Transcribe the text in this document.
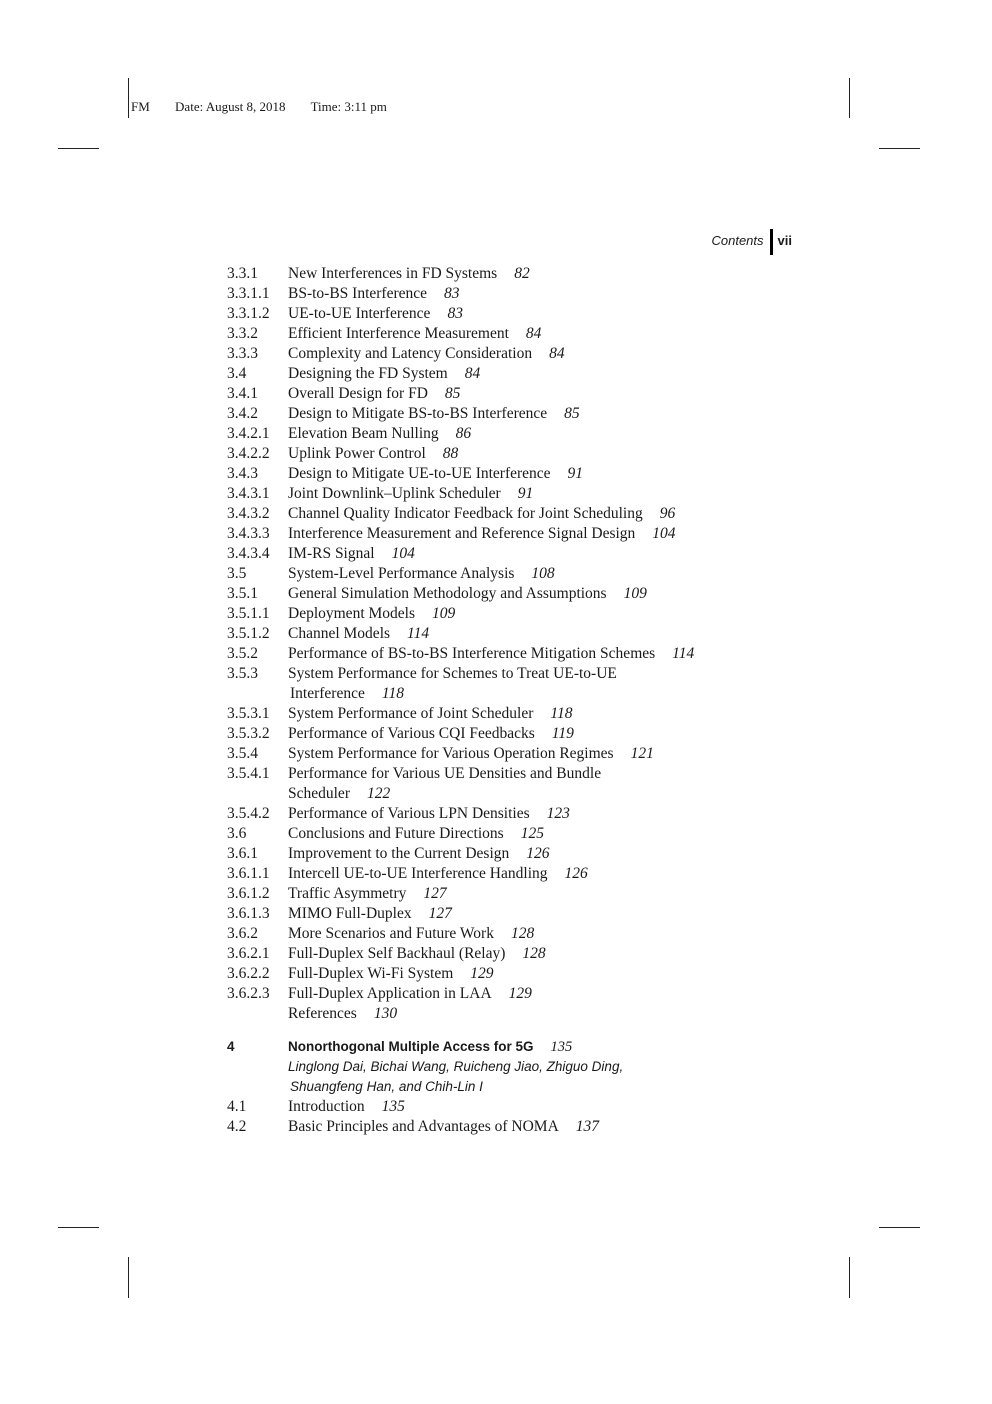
FM Date: August 8, 2018 Time: 3:11 pm
Contents vii
3.3.1	New Interferences in FD Systems 82
3.3.1.1	BS-to-BS Interference 83
3.3.1.2	UE-to-UE Interference 83
3.3.2	Efficient Interference Measurement 84
3.3.3	Complexity and Latency Consideration 84
3.4	Designing the FD System 84
3.4.1	Overall Design for FD 85
3.4.2	Design to Mitigate BS-to-BS Interference 85
3.4.2.1	Elevation Beam Nulling 86
3.4.2.2	Uplink Power Control 88
3.4.3	Design to Mitigate UE-to-UE Interference 91
3.4.3.1	Joint Downlink–Uplink Scheduler 91
3.4.3.2	Channel Quality Indicator Feedback for Joint Scheduling 96
3.4.3.3	Interference Measurement and Reference Signal Design 104
3.4.3.4	IM-RS Signal 104
3.5	System-Level Performance Analysis 108
3.5.1	General Simulation Methodology and Assumptions 109
3.5.1.1	Deployment Models 109
3.5.1.2	Channel Models 114
3.5.2	Performance of BS-to-BS Interference Mitigation Schemes 114
3.5.3	System Performance for Schemes to Treat UE-to-UE
Interference 118
3.5.3.1	System Performance of Joint Scheduler 118
3.5.3.2	Performance of Various CQI Feedbacks 119
3.5.4	System Performance for Various Operation Regimes 121
3.5.4.1	Performance for Various UE Densities and Bundle
Scheduler 122
3.5.4.2	Performance of Various LPN Densities 123
3.6	Conclusions and Future Directions 125
3.6.1	Improvement to the Current Design 126
3.6.1.1	Intercell UE-to-UE Interference Handling 126
3.6.1.2	Traffic Asymmetry 127
3.6.1.3	MIMO Full-Duplex 127
3.6.2	More Scenarios and Future Work 128
3.6.2.1	Full-Duplex Self Backhaul (Relay) 128
3.6.2.2	Full-Duplex Wi-Fi System 129
3.6.2.3	Full-Duplex Application in LAA 129
References 130
4	Nonorthogonal Multiple Access for 5G 135
Linglong Dai, Bichai Wang, Ruicheng Jiao, Zhiguo Ding,
Shuangfeng Han, and Chih-Lin I
4.1	Introduction 135
4.2	Basic Principles and Advantages of NOMA 137
